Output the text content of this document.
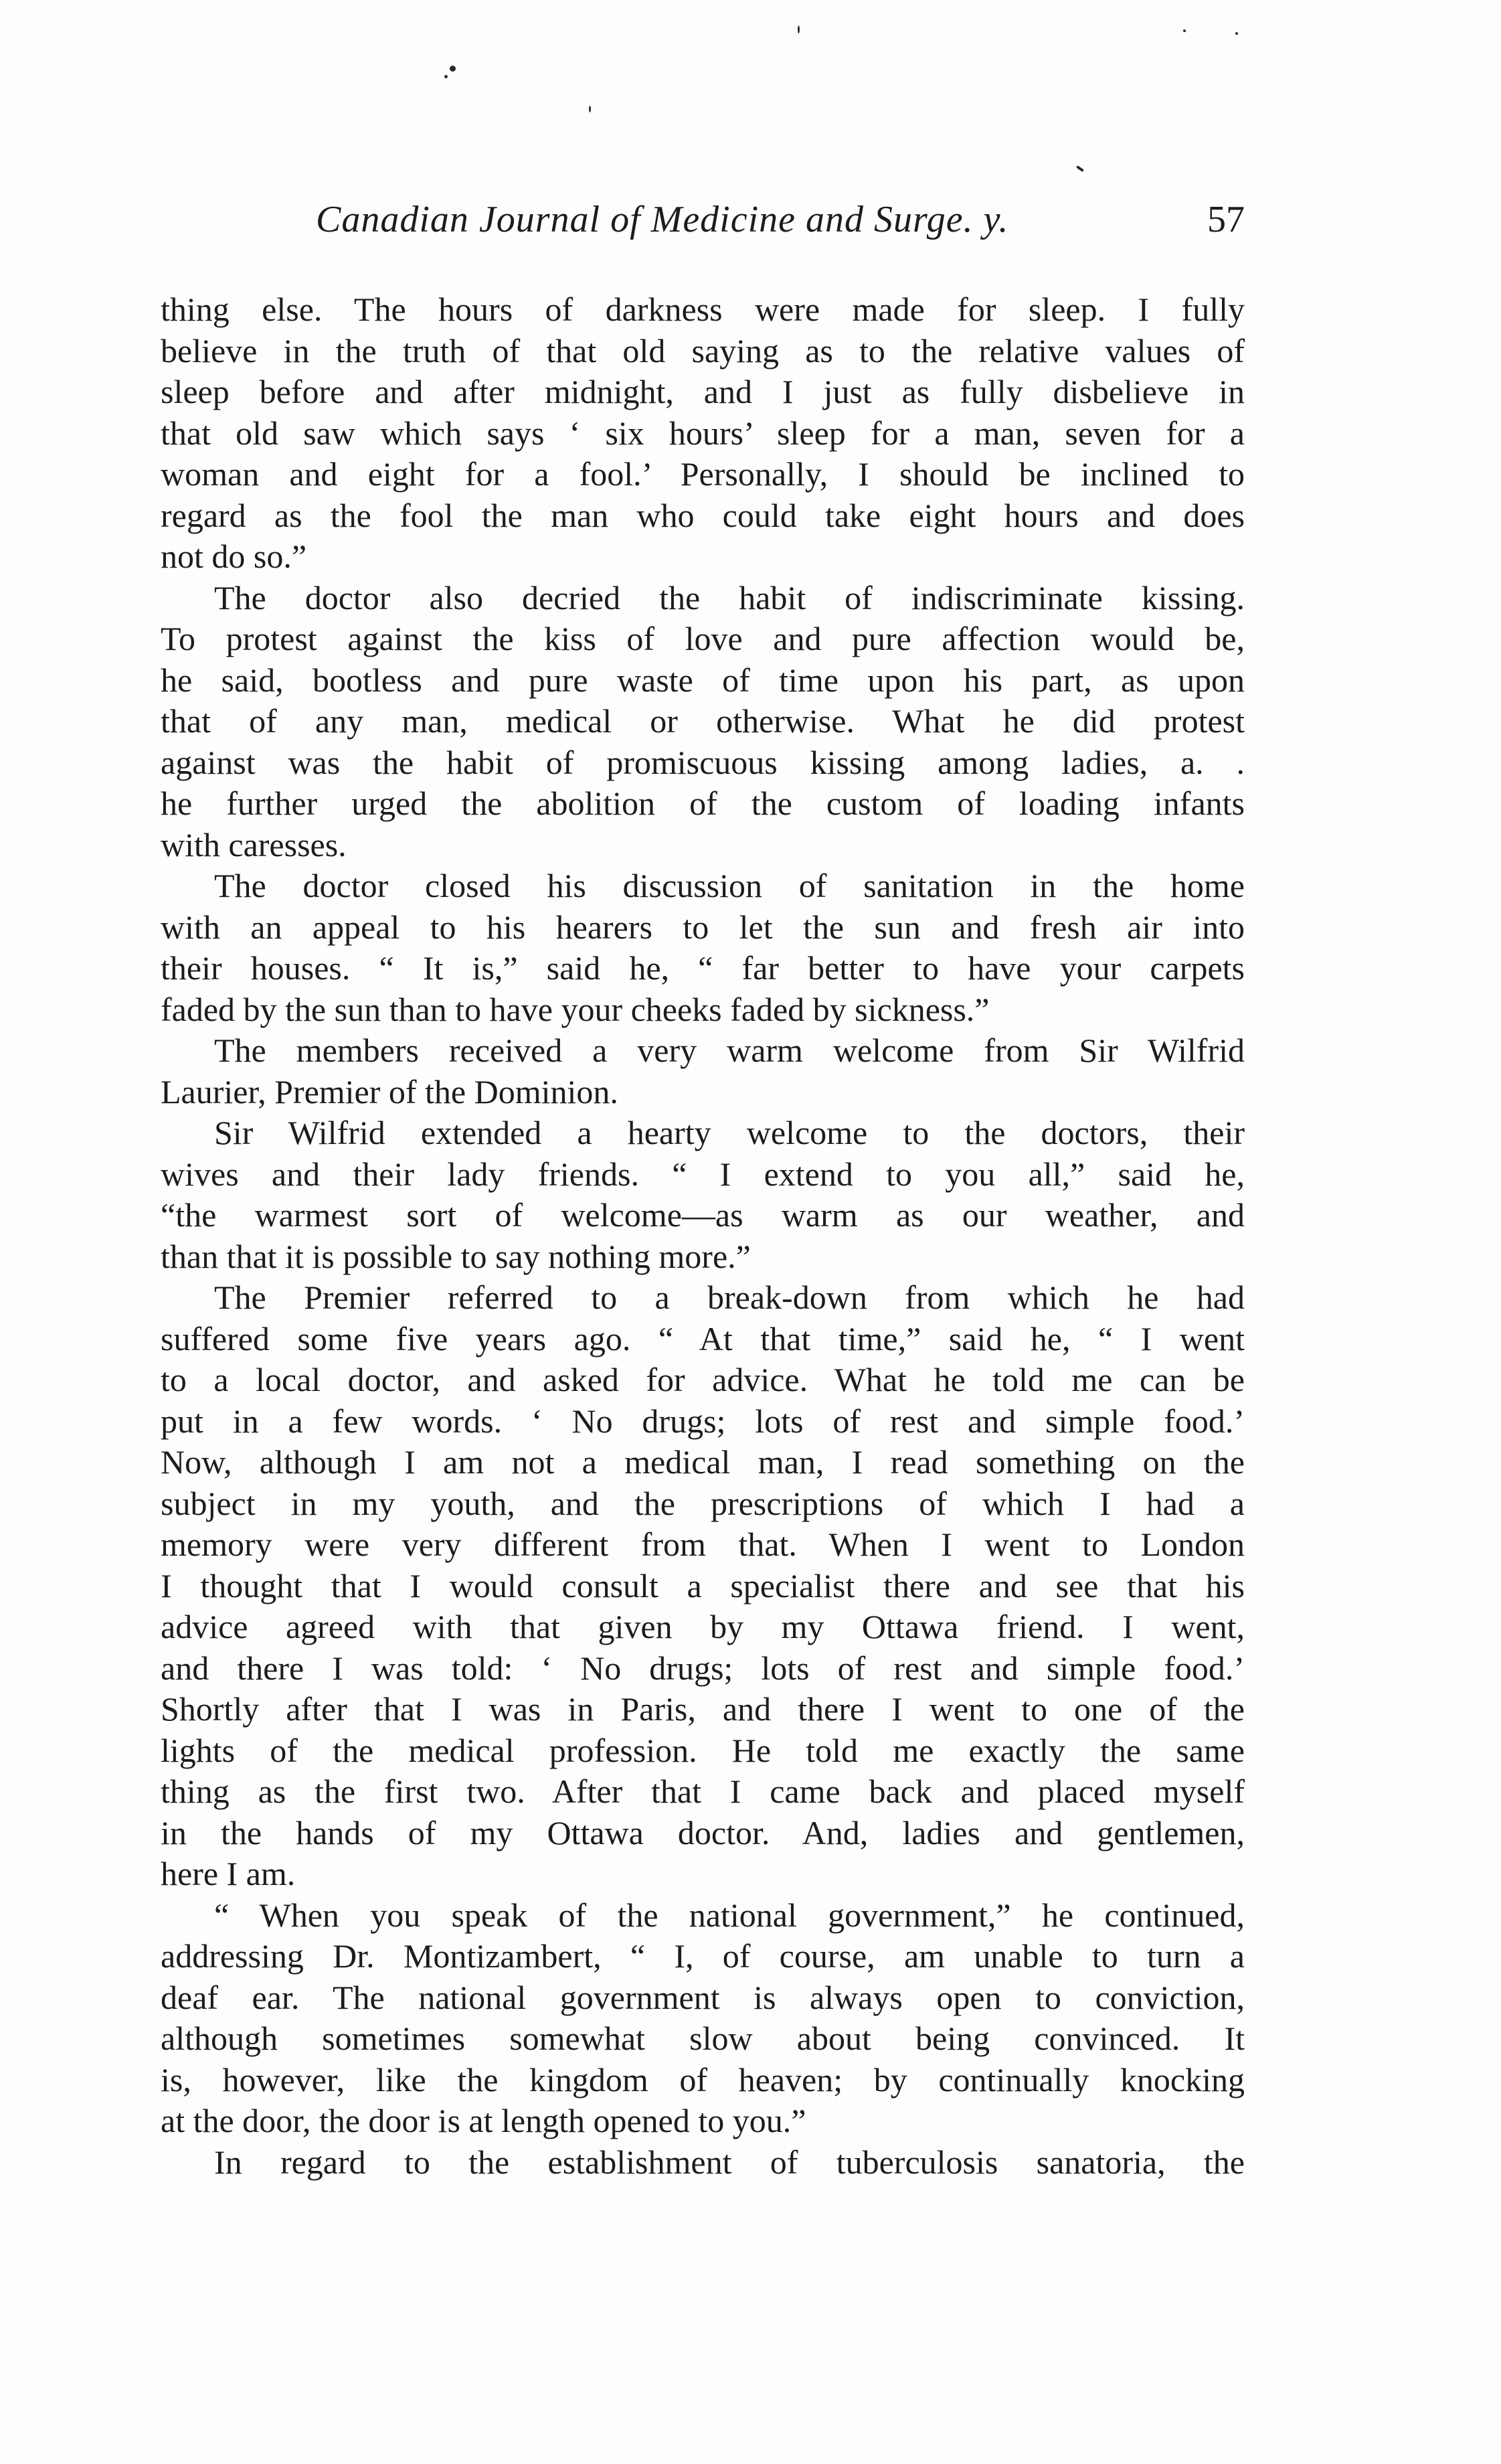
Canadian Journal of Medicine and Surge. y.	57
thing else. The hours of darkness were made for sleep. I fully
believe in the truth of that old saying as to the relative values of
sleep before and after midnight, and I just as fully disbelieve in
that old saw which says ‘ six hours’ sleep for a man, seven for a
woman and eight for a fool.’ Personally, I should be inclined to
regard as the fool the man who could take eight hours and does
not do so.”
The doctor also decried the habit of indiscriminate kissing.
To protest against the kiss of love and pure affection would be,
he said, bootless and pure waste of time upon his part, as upon
that of any man, medical or otherwise. What he did protest
against was the habit of promiscuous kissing among ladies, a. .
he further urged the abolition of the custom of loading infants
with caresses.
The doctor closed his discussion of sanitation in the home
with an appeal to his hearers to let the sun and fresh air into
their houses. “ It is,” said he, “ far better to have your carpets
faded by the sun than to have your cheeks faded by sickness.”
The members received a very warm welcome from Sir Wilfrid
Laurier, Premier of the Dominion.
Sir Wilfrid extended a hearty welcome to the doctors, their
wives and their lady friends. “ I extend to you all,” said he,
“the warmest sort of welcome—as warm as our weather, and
than that it is possible to say nothing more.”
The Premier referred to a break-down from which he had
suffered some five years ago. “ At that time,” said he, “ I went
to a local doctor, and asked for advice. What he told me can be
put in a few words. ‘ No drugs; lots of rest and simple food.’
Now, although I am not a medical man, I read something on the
subject in my youth, and the prescriptions of which I had a
memory were very different from that. When I went to London
I thought that I would consult a specialist there and see that his
advice agreed with that given by my Ottawa friend. I went,
and there I was told: ‘ No drugs; lots of rest and simple food.’
Shortly after that I was in Paris, and there I went to one of the
lights of the medical profession. He told me exactly the same
thing as the first two. After that I came back and placed myself
in the hands of my Ottawa doctor. And, ladies and gentlemen,
here I am.
“ When you speak of the national government,” he continued,
addressing Dr. Montizambert, “ I, of course, am unable to turn a
deaf ear. The national government is always open to conviction,
although sometimes somewhat slow about being convinced. It
is, however, like the kingdom of heaven; by continually knocking
at the door, the door is at length opened to you.”
In regard to the establishment of tuberculosis sanatoria, the
